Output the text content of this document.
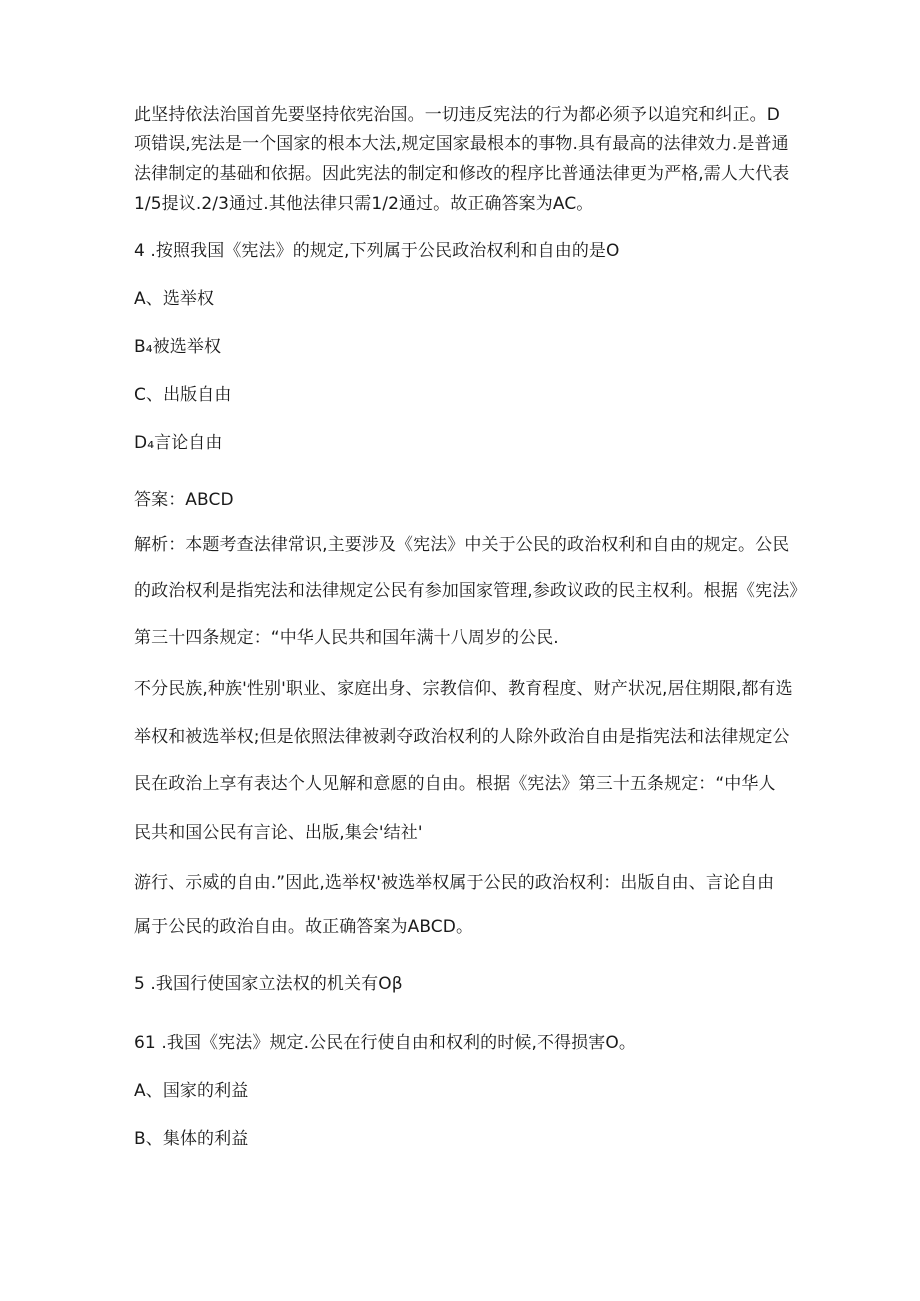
此坚持依法治国首先要坚持依宪治国。一切违反宪法的行为都必须予以追究和纠正。D

项错误,宪法是一个国家的根本大法,规定国家最根本的事物.具有最高的法律效力.是普通

法律制定的基础和依据。因此宪法的制定和修改的程序比普通法律更为严格,需人大代表

1/5提议.2/3通过.其他法律只需1/2通过。故正确答案为AC。

4 .按照我国《宪法》的规定,下列属于公民政治权利和自由的是O

A、选举权

B₄被选举权

C、出版自由

D₄言论自由

答案：ABCD

解析：本题考查法律常识,主要涉及《宪法》中关于公民的政治权利和自由的规定。公民

的政治权利是指宪法和法律规定公民有参加国家管理,参政议政的民主权利。根据《宪法》

第三十四条规定：“中华人民共和国年满十八周岁的公民.

不分民族,种族'性别'职业、家庭出身、宗教信仰、教育程度、财产状况,居住期限,都有选

举权和被选举权;但是依照法律被剥夺政治权利的人除外政治自由是指宪法和法律规定公

民在政治上享有表达个人见解和意愿的自由。根据《宪法》第三十五条规定：“中华人

民共和国公民有言论、出版,集会'结社'

游行、示威的自由.”因此,选举权'被选举权属于公民的政治权利：出版自由、言论自由

属于公民的政治自由。故正确答案为ABCD。

5 .我国行使国家立法权的机关有Oβ

61 .我国《宪法》规定.公民在行使自由和权利的时候,不得损害O。

A、国家的利益

B、集体的利益
